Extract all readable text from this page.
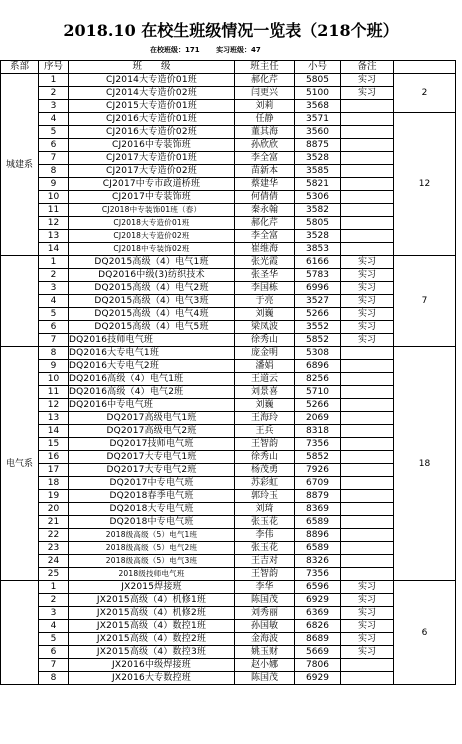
2018.10 在校生班级情况一览表（218个班）
在校班级：171 实习班级：47
系部	序号	班　　级	班主任	小号	备注	
城建系	1	CJ2014大专造价01班	郝化芹	5805	实习	2
	2	CJ2014大专造价02班	闫更兴	5100	实习	
	3	CJ2015大专造价01班	刘莉	3568		
	4	CJ2016大专造价01班	任静	3571		12
	5	CJ2016大专造价02班	董其海	3560		
	6	CJ2016中专装饰班	孙欣欣	8875		
	7	CJ2017大专造价01班	李全富	3528		
	8	CJ2017大专造价02班	苗新本	3585		
	9	CJ2017中专市政道桥班	蔡建华	5821		
	10	CJ2017中专装饰班	何倩倩	5306		
	11	CJ2018中专装饰01班（春）	秦永翰	3582		
	12	CJ2018大专造价01班	郝化芹	5805		
	13	CJ2018大专造价02班	李全富	3528		
	14	CJ2018中专装饰02班	崔维海	3853		
	1	DQ2015高级（4）电气1班	张光霞	6166	实习	7
	2	DQ2016中级(3)纺织技术	张圣华	5783	实习	
	3	DQ2015高级（4）电气2班	李国栋	6996	实习	
	4	DQ2015高级（4）电气3班	于亮	3527	实习	
	5	DQ2015高级（4）电气4班	刘巍	5266	实习	
	6	DQ2015高级（4）电气5班	梁凤波	3552	实习	
	7	DQ2016技师电气班	徐秀山	5852	实习	
电气系	8	DQ2016大专电气1班	庞金明	5308		18
	9	DQ2016大专电气2班	潘娟	6896		
	10	DQ2016高级（4）电气1班	王道云	8256		
	11	DQ2016高级（4）电气2班	刘景喜	5710		
	12	DQ2016中专电气班	刘巍	5266		
	13	DQ2017高级电气1班	王海玲	2069		
	14	DQ2017高级电气2班	王兵	8318		
	15	DQ2017技师电气班	王智韵	7356		
	16	DQ2017大专电气1班	徐秀山	5852		
	17	DQ2017大专电气2班	杨茂勇	7926		
	18	DQ2017中专电气班	苏彩虹	6709		
	19	DQ2018春季电气班	郭玲玉	8879		
	20	DQ2018大专电气班	刘琦	8369		
	21	DQ2018中专电气班	张玉花	6589		
	22	2018级高级（5）电气1班	李伟	8896		
	23	2018级高级（5）电气2班	张玉花	6589		
	24	2018级高级（5）电气3班	王吉对	8326		
	25	2018级技师电气班	王智韵	7356		
	1	JX2015焊接班	李华	6596	实习	6
	2	JX2015高级（4）机修1班	陈国茂	6929	实习	
	3	JX2015高级（4）机修2班	刘秀丽	6369	实习	
	4	JX2015高级（4）数控1班	孙国敏	6826	实习	
	5	JX2015高级（4）数控2班	金海波	8689	实习	
	6	JX2015高级（4）数控3班	姚玉财	5669	实习	
	7	JX2016中级焊接班	赵小娜	7806		
	8	JX2016大专数控班	陈国茂	6929		
